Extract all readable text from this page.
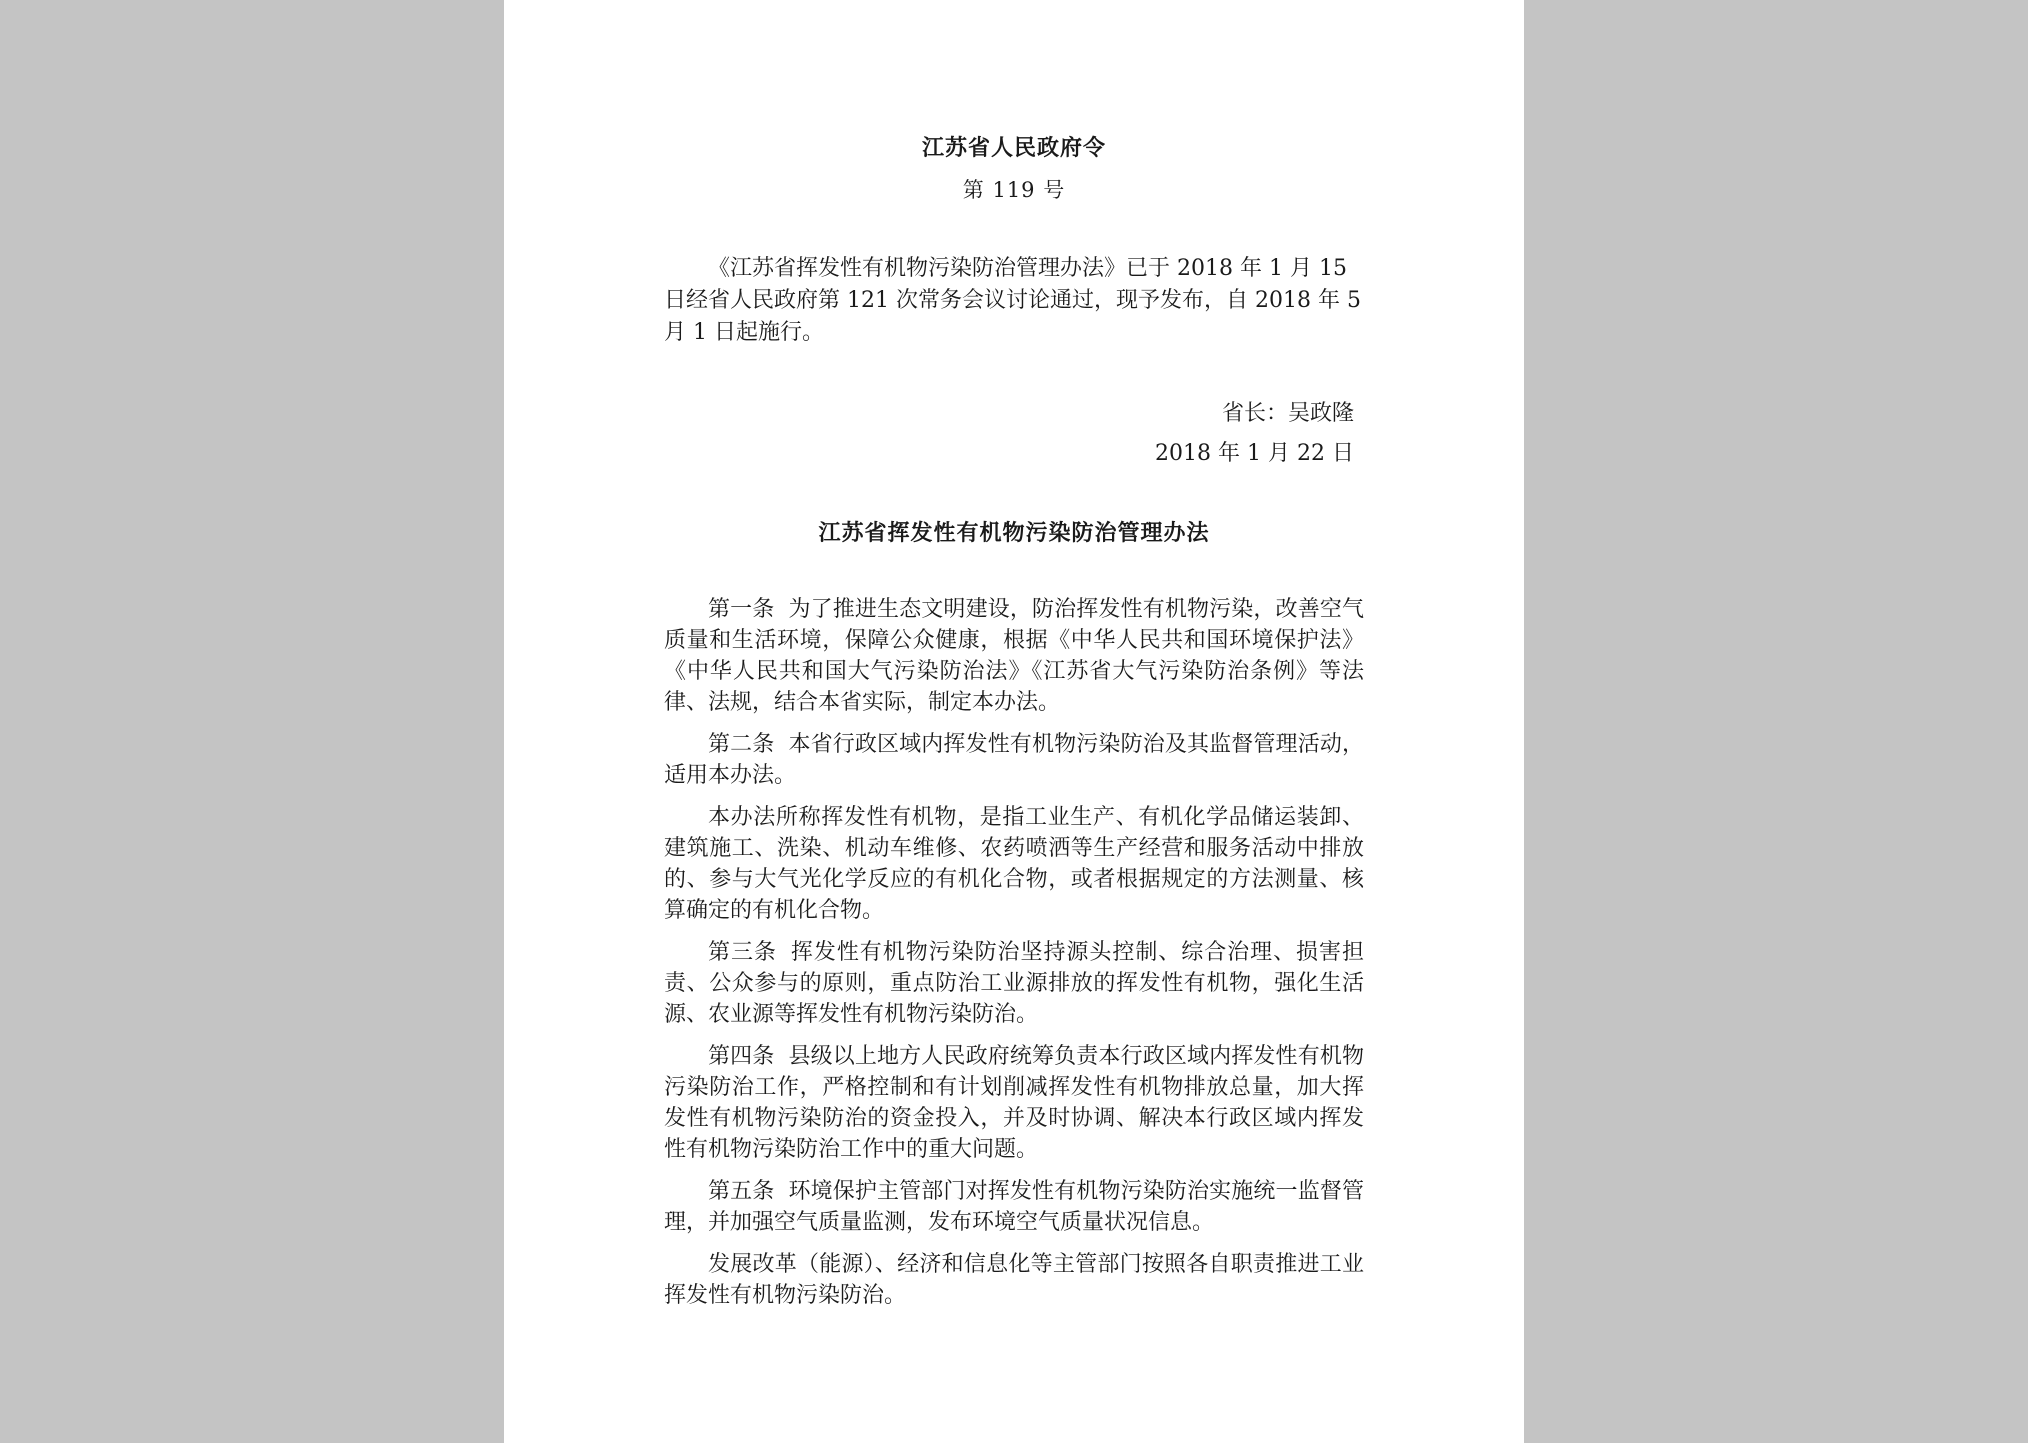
江苏省人民政府令
第 119 号

《江苏省挥发性有机物污染防治管理办法》已于 2018 年 1 月 15 日经省人民政府第 121 次常务会议讨论通过，现予发布，自 2018 年 5 月 1 日起施行。

省长：吴政隆

2018 年 1 月 22 日

江苏省挥发性有机物污染防治管理办法

第一条 为了推进生态文明建设，防治挥发性有机物污染，改善空气质量和生活环境，保障公众健康，根据《中华人民共和国环境保护法》《中华人民共和国大气污染防治法》《江苏省大气污染防治条例》等法律、法规，结合本省实际，制定本办法。

第二条 本省行政区域内挥发性有机物污染防治及其监督管理活动，适用本办法。

本办法所称挥发性有机物，是指工业生产、有机化学品储运装卸、建筑施工、洗染、机动车维修、农药喷洒等生产经营和服务活动中排放的、参与大气光化学反应的有机化合物，或者根据规定的方法测量、核算确定的有机化合物。

第三条 挥发性有机物污染防治坚持源头控制、综合治理、损害担责、公众参与的原则，重点防治工业源排放的挥发性有机物，强化生活源、农业源等挥发性有机物污染防治。

第四条 县级以上地方人民政府统筹负责本行政区域内挥发性有机物污染防治工作，严格控制和有计划削减挥发性有机物排放总量，加大挥发性有机物污染防治的资金投入，并及时协调、解决本行政区域内挥发性有机物污染防治工作中的重大问题。

第五条 环境保护主管部门对挥发性有机物污染防治实施统一监督管理，并加强空气质量监测，发布环境空气质量状况信息。

发展改革（能源）、经济和信息化等主管部门按照各自职责推进工业挥发性有机物污染防治。
